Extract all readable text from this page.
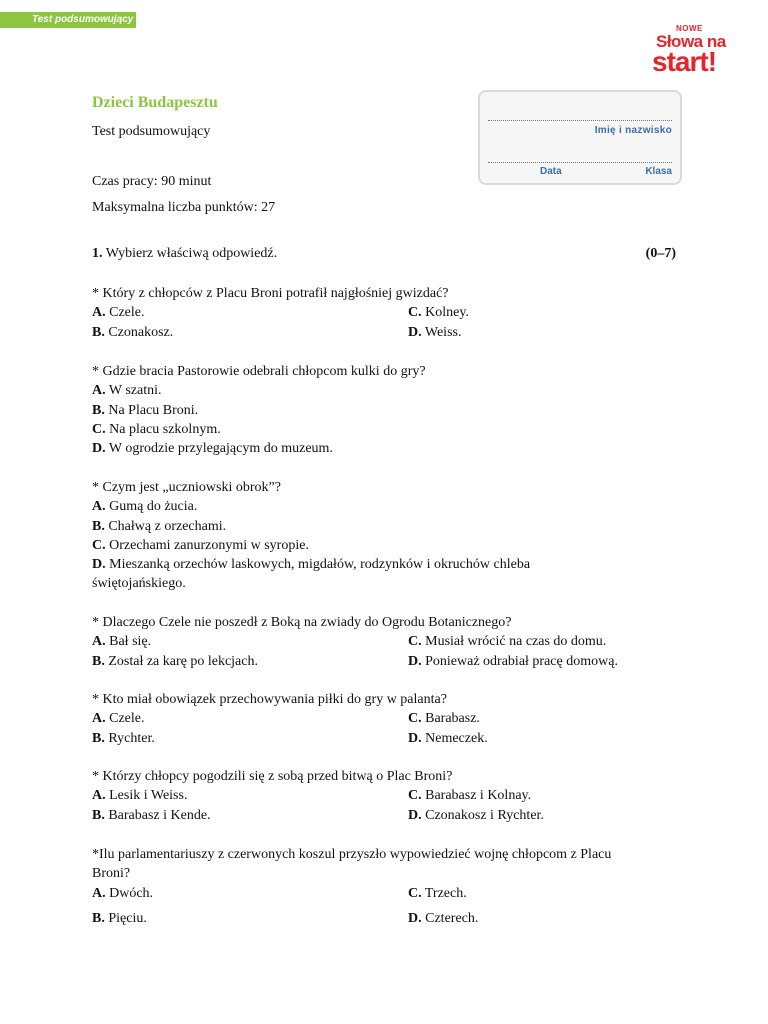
Test podsumowujący
NOWE
Słowa na
start!
Dzieci Budapesztu
Test podsumowujący
Czas pracy: 90 minut
Maksymalna liczba punktów: 27
Imię i nazwisko
Data	Klasa
1. Wybierz właściwą odpowiedź.	(0–7)
* Który z chłopców z Placu Broni potrafił najgłośniej gwizdać?
A. Czele.	C. Kolney.
B. Czonakosz.	D. Weiss.
* Gdzie bracia Pastorowie odebrali chłopcom kulki do gry?
A. W szatni.
B. Na Placu Broni.
C. Na placu szkolnym.
D. W ogrodzie przylegającym do muzeum.
* Czym jest „uczniowski obrok”?
A. Gumą do żucia.
B. Chałwą z orzechami.
C. Orzechami zanurzonymi w syropie.
D. Mieszanką orzechów laskowych, migdałów, rodzynków i okruchów chleba
świętojańskiego.
* Dlaczego Czele nie poszedł z Boką na zwiady do Ogrodu Botanicznego?
A. Bał się.	C. Musiał wrócić na czas do domu.
B. Został za karę po lekcjach.	D. Ponieważ odrabiał pracę domową.
* Kto miał obowiązek przechowywania piłki do gry w palanta?
A. Czele.	C. Barabasz.
B. Rychter.	D. Nemeczek.
* Którzy chłopcy pogodzili się z sobą przed bitwą o Plac Broni?
A. Lesik i Weiss.	C. Barabasz i Kolnay.
B. Barabasz i Kende.	D. Czonakosz i Rychter.
*Ilu parlamentariuszy z czerwonych koszul przyszło wypowiedzieć wojnę chłopcom z Placu
Broni?
A. Dwóch.	C. Trzech.
B. Pięciu.	D. Czterech.
